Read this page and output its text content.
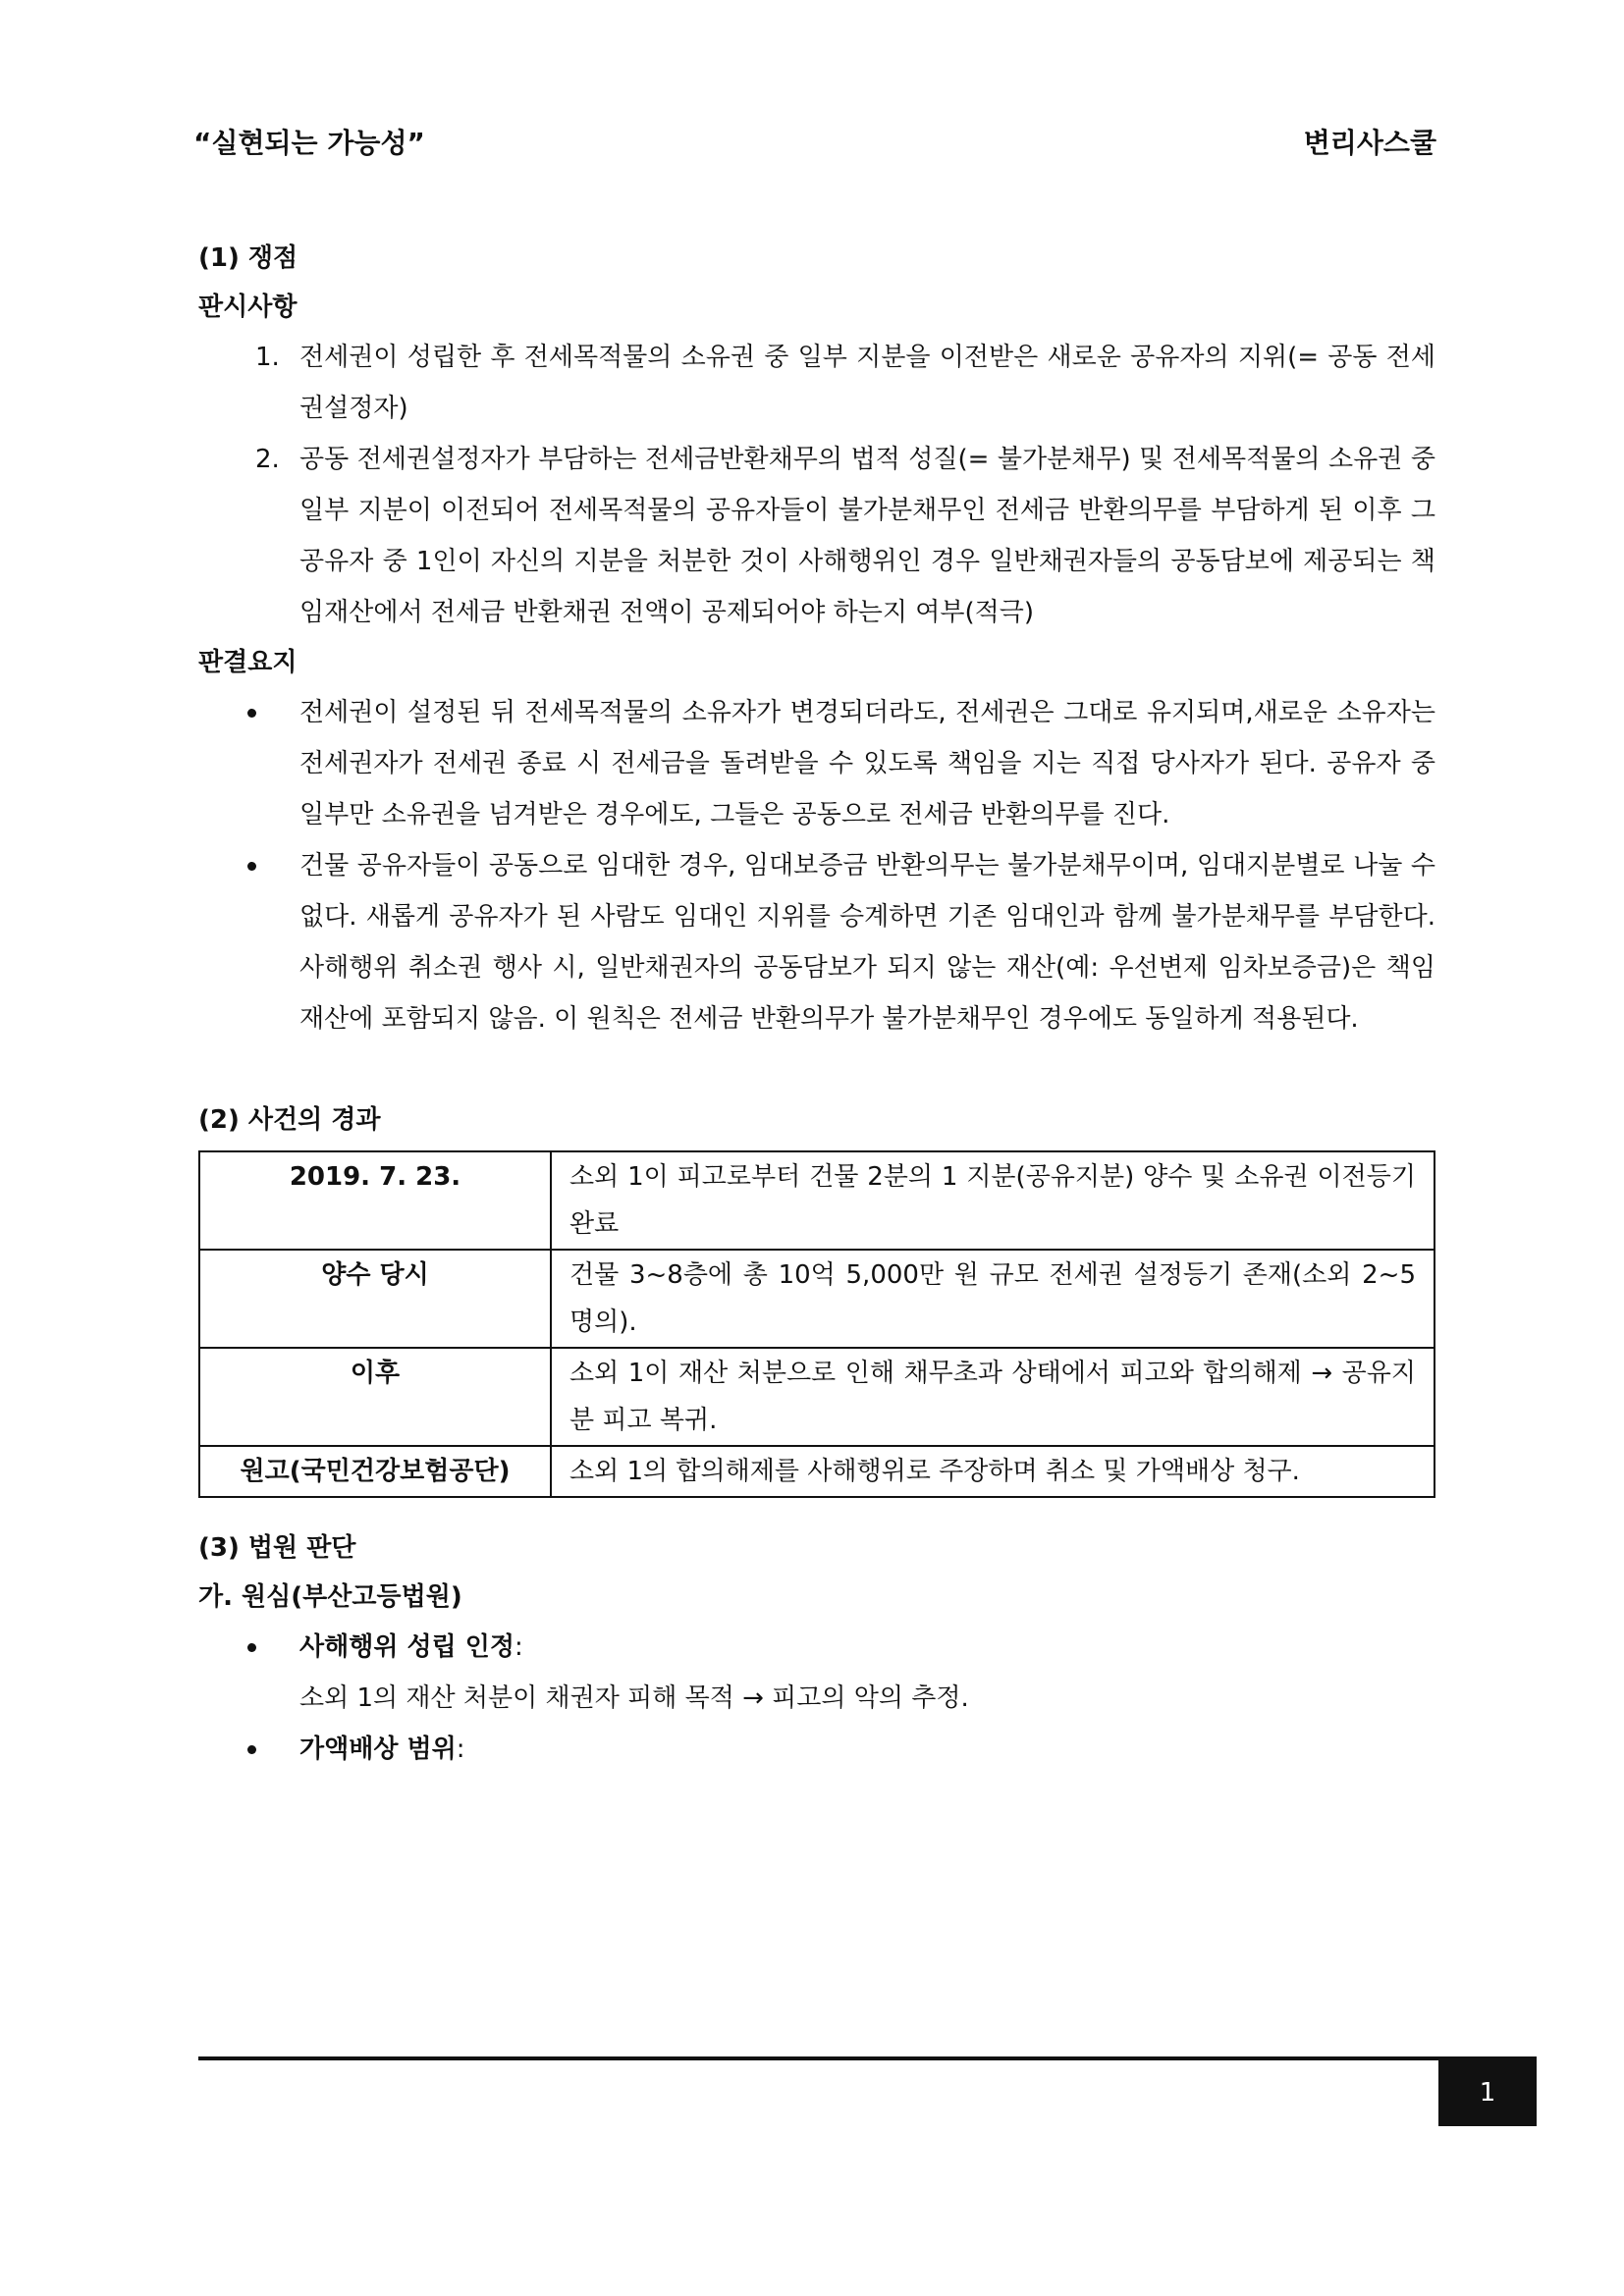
“실현되는 가능성”	변리사스쿨
(1) 쟁점
판시사항
1. 전세권이 성립한 후 전세목적물의 소유권 중 일부 지분을 이전받은 새로운 공유자의 지위(= 공동 전세권설정자)
2. 공동 전세권설정자가 부담하는 전세금반환채무의 법적 성질(= 불가분채무) 및 전세목적물의 소유권 중 일부 지분이 이전되어 전세목적물의 공유자들이 불가분채무인 전세금 반환의무를 부담하게 된 이후 그 공유자 중 1인이 자신의 지분을 처분한 것이 사해행위인 경우 일반채권자들의 공동담보에 제공되는 책임재산에서 전세금 반환채권 전액이 공제되어야 하는지 여부(적극)
판결요지
전세권이 설정된 뒤 전세목적물의 소유자가 변경되더라도, 전세권은 그대로 유지되며,새로운 소유자는 전세권자가 전세권 종료 시 전세금을 돌려받을 수 있도록 책임을 지는 직접 당사자가 된다. 공유자 중 일부만 소유권을 넘겨받은 경우에도, 그들은 공동으로 전세금 반환의무를 진다.
건물 공유자들이 공동으로 임대한 경우, 임대보증금 반환의무는 불가분채무이며, 임대지분별로 나눌 수 없다. 새롭게 공유자가 된 사람도 임대인 지위를 승계하면 기존 임대인과 함께 불가분채무를 부담한다. 사해행위 취소권 행사 시, 일반채권자의 공동담보가 되지 않는 재산(예: 우선변제 임차보증금)은 책임재산에 포함되지 않음. 이 원칙은 전세금 반환의무가 불가분채무인 경우에도 동일하게 적용된다.
(2) 사건의 경과
2019. 7. 23.	소외 1이 피고로부터 건물 2분의 1 지분(공유지분) 양수 및 소유권 이전등기 완료
양수 당시	건물 3~8층에 총 10억 5,000만 원 규모 전세권 설정등기 존재(소외 2~5 명의).
이후	소외 1이 재산 처분으로 인해 채무초과 상태에서 피고와 합의해제 → 공유지분 피고 복귀.
원고(국민건강보험공단)	소외 1의 합의해제를 사해행위로 주장하며 취소 및 가액배상 청구.
(3) 법원 판단
가. 원심(부산고등법원)
사해행위 성립 인정:
소외 1의 재산 처분이 채권자 피해 목적 → 피고의 악의 추정.
가액배상 범위:
1
